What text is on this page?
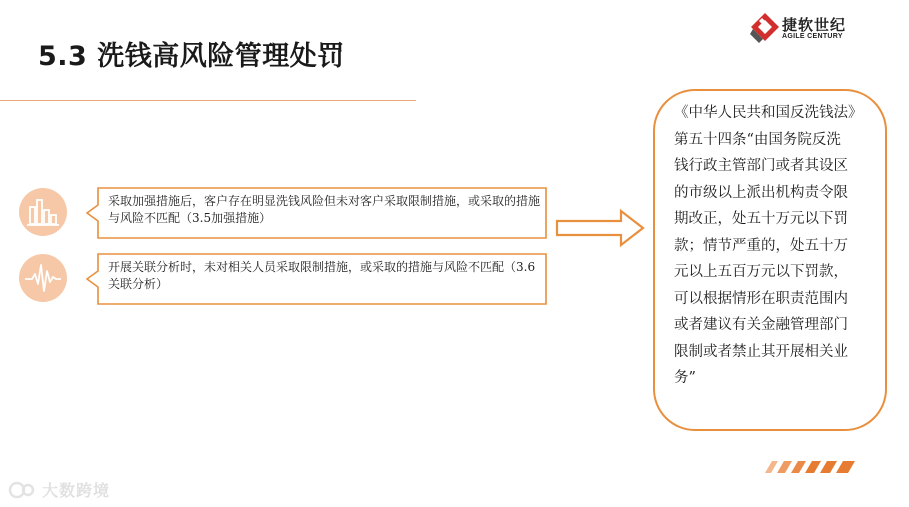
5.3 洗钱高风险管理处罚
捷软世纪
AGILE CENTURY
采取加强措施后，客户存在明显洗钱风险但未对客户采取限制措施，或采取的措施与风险不匹配（3.5加强措施）
开展关联分析时，未对相关人员采取限制措施，或采取的措施与风险不匹配（3.6关联分析）
《中华人民共和国反洗钱法》
第五十四条“由国务院反洗
钱行政主管部门或者其设区
的市级以上派出机构责令限
期改正，处五十万元以下罚
款；情节严重的，处五十万
元以上五百万元以下罚款，
可以根据情形在职责范围内
或者建议有关金融管理部门
限制或者禁止其开展相关业
务”
大数跨境
